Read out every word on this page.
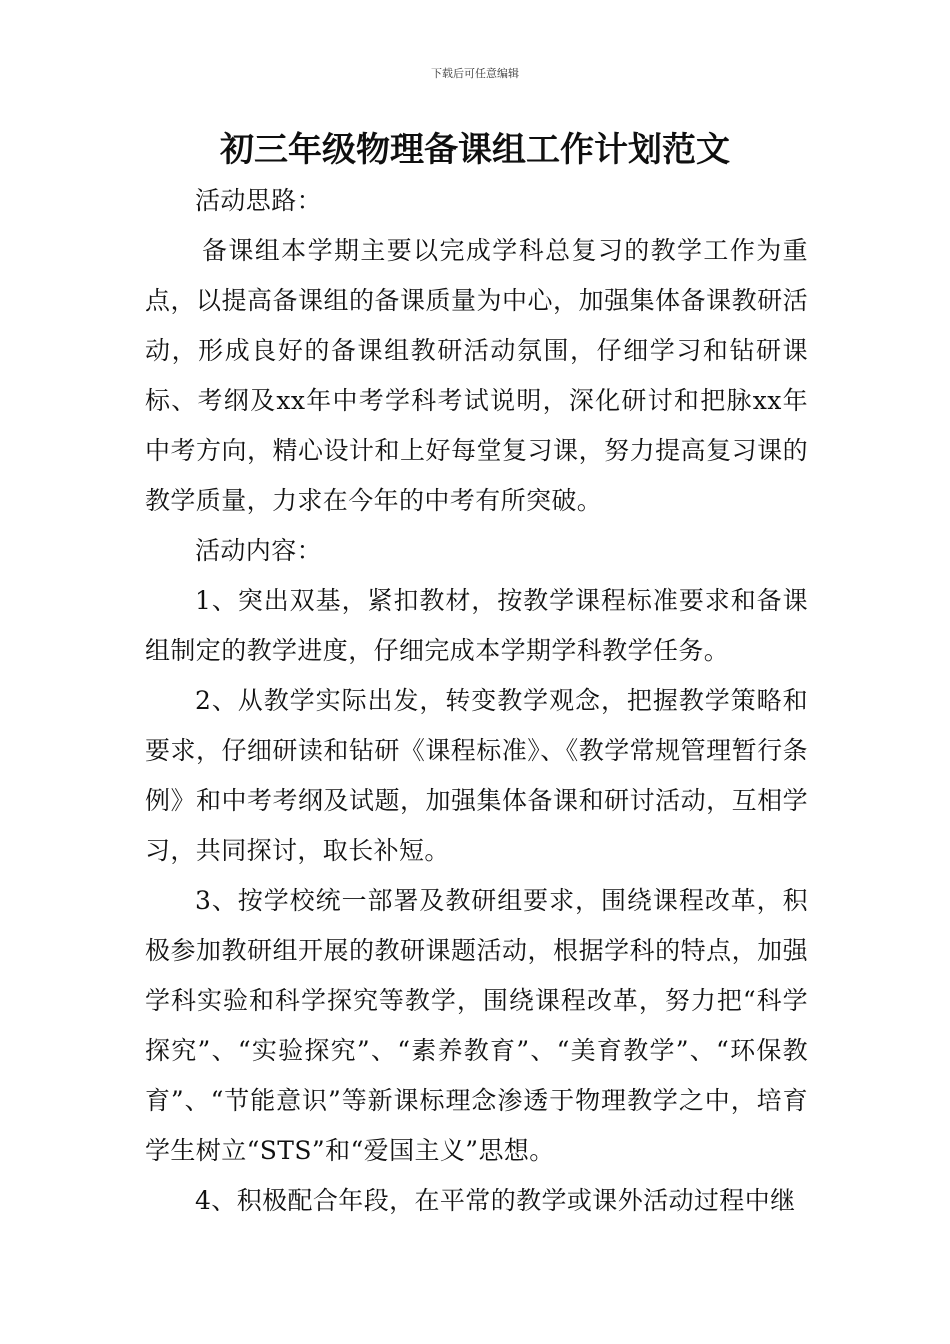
下载后可任意编辑
初三年级物理备课组工作计划范文

活动思路：

备课组本学期主要以完成学科总复习的教学工作为重点，以提高备课组的备课质量为中心，加强集体备课教研活动，形成良好的备课组教研活动氛围，仔细学习和钻研课标、考纲及xx年中考学科考试说明，深化研讨和把脉xx年中考方向，精心设计和上好每堂复习课，努力提高复习课的教学质量，力求在今年的中考有所突破。

活动内容：

1、突出双基，紧扣教材，按教学课程标准要求和备课组制定的教学进度，仔细完成本学期学科教学任务。

2、从教学实际出发，转变教学观念，把握教学策略和要求，仔细研读和钻研《课程标准》、《教学常规管理暂行条例》和中考考纲及试题，加强集体备课和研讨活动，互相学习，共同探讨，取长补短。

3、按学校统一部署及教研组要求，围绕课程改革，积极参加教研组开展的教研课题活动，根据学科的特点，加强学科实验和科学探究等教学，围绕课程改革，努力把“科学探究”、“实验探究”、“素养教育”、“美育教学”、“环保教育”、“节能意识”等新课标理念渗透于物理教学之中，培育学生树立“STS”和“爱国主义”思想。

4、积极配合年段，在平常的教学或课外活动过程中继
